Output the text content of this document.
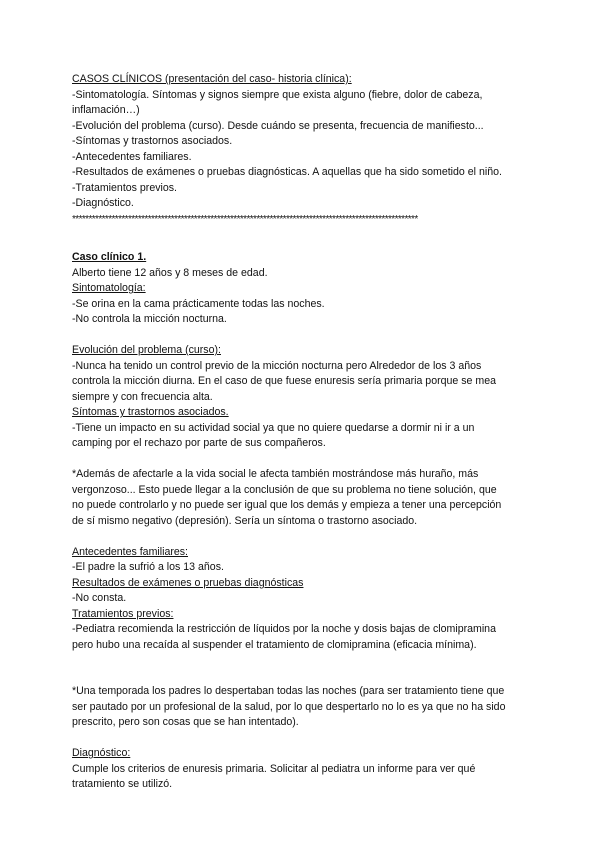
CASOS CLÍNICOS (presentación del caso- historia clínica):
-Sintomatología. Síntomas y signos siempre que exista alguno (fiebre, dolor de cabeza,
inflamación…)
-Evolución del problema (curso). Desde cuándo se presenta, frecuencia de manifiesto...
-Síntomas y trastornos asociados.
-Antecedentes familiares.
-Resultados de exámenes o pruebas diagnósticas. A aquellas que ha sido sometido el niño.
-Tratamientos previos.
-Diagnóstico.
*********************************************************************************************************
Caso clínico 1.
Alberto tiene 12 años y 8 meses de edad.
Sintomatología:
-Se orina en la cama prácticamente todas las noches.
-No controla la micción nocturna.
Evolución del problema (curso):
-Nunca ha tenido un control previo de la micción nocturna pero Alrededor de los 3 años
controla la micción diurna. En el caso de que fuese enuresis sería primaria porque se mea
siempre y con frecuencia alta.
Síntomas y trastornos asociados.
-Tiene un impacto en su actividad social ya que no quiere quedarse a dormir ni ir a un
camping por el rechazo por parte de sus compañeros.
*Además de afectarle a la vida social le afecta también mostrándose más huraño, más
vergonzoso... Esto puede llegar a la conclusión de que su problema no tiene solución, que
no puede controlarlo y no puede ser igual que los demás y empieza a tener una percepción
de sí mismo negativo (depresión). Sería un síntoma o trastorno asociado.
Antecedentes familiares:
-El padre la sufrió a los 13 años.
Resultados de exámenes o pruebas diagnósticas
-No consta.
Tratamientos previos:
-Pediatra recomienda la restricción de líquidos por la noche y dosis bajas de clomipramina
pero hubo una recaída al suspender el tratamiento de clomipramina (eficacia mínima).
*Una temporada los padres lo despertaban todas las noches (para ser tratamiento tiene que
ser pautado por un profesional de la salud, por lo que despertarlo no lo es ya que no ha sido
prescrito, pero son cosas que se han intentado).
Diagnóstico:
Cumple los criterios de enuresis primaria. Solicitar al pediatra un informe para ver qué
tratamiento se utilizó.
